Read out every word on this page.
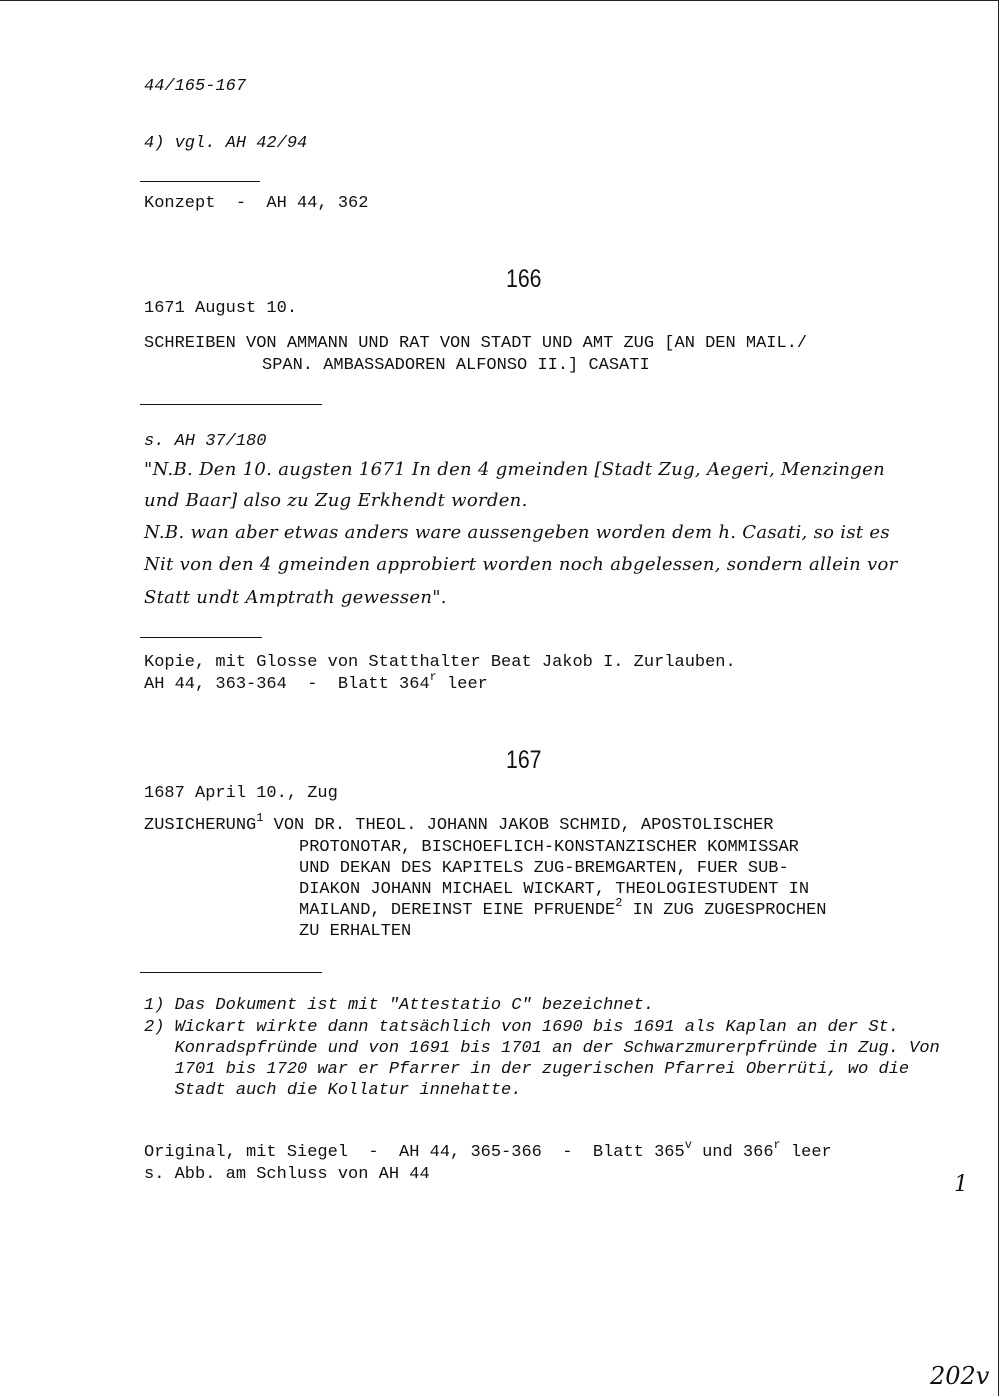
44/165-167
4) vgl. AH 42/94
Konzept  -  AH 44, 362
166
1671 August 10.
SCHREIBEN VON AMMANN UND RAT VON STADT UND AMT ZUG [AN DEN MAIL./
SPAN. AMBASSADOREN ALFONSO II.] CASATI
s. AH 37/180
"N.B. Den 10. augsten 1671 In den 4 gmeinden [Stadt Zug, Aegeri, Menzingen
und Baar] also zu Zug Erkhendt worden.
N.B. wan aber etwas anders ware aussengeben worden dem h. Casati, so ist es
Nit von den 4 gmeinden approbiert worden noch abgelessen, sondern allein vor
Statt undt Amptrath gewessen".
Kopie, mit Glosse von Statthalter Beat Jakob I. Zurlauben.
AH 44, 363-364  -  Blatt 364$^r$ leer
167
1687 April 10., Zug
ZUSICHERUNG$^1$ VON DR. THEOL. JOHANN JAKOB SCHMID, APOSTOLISCHER
PROTONOTAR, BISCHOEFLICH-KONSTANZISCHER KOMMISSAR
UND DEKAN DES KAPITELS ZUG-BREMGARTEN, FUER SUB-
DIAKON JOHANN MICHAEL WICKART, THEOLOGIESTUDENT IN
MAILAND, DEREINST EINE PFRUENDE$^2$ IN ZUG ZUGESPROCHEN
ZU ERHALTEN
1) Das Dokument ist mit "Attestatio C" bezeichnet.
2) Wickart wirkte dann tatsächlich von 1690 bis 1691 als Kaplan an der St.
Konradspfründe und von 1691 bis 1701 an der Schwarzmurerpfründe in Zug. Von
1701 bis 1720 war er Pfarrer in der zugerischen Pfarrei Oberrüti, wo die
Stadt auch die Kollatur innehatte.
Original, mit Siegel  -  AH 44, 365-366  -  Blatt 365$^v$ und 366$^r$ leer
s. Abb. am Schluss von AH 44	1
202v
